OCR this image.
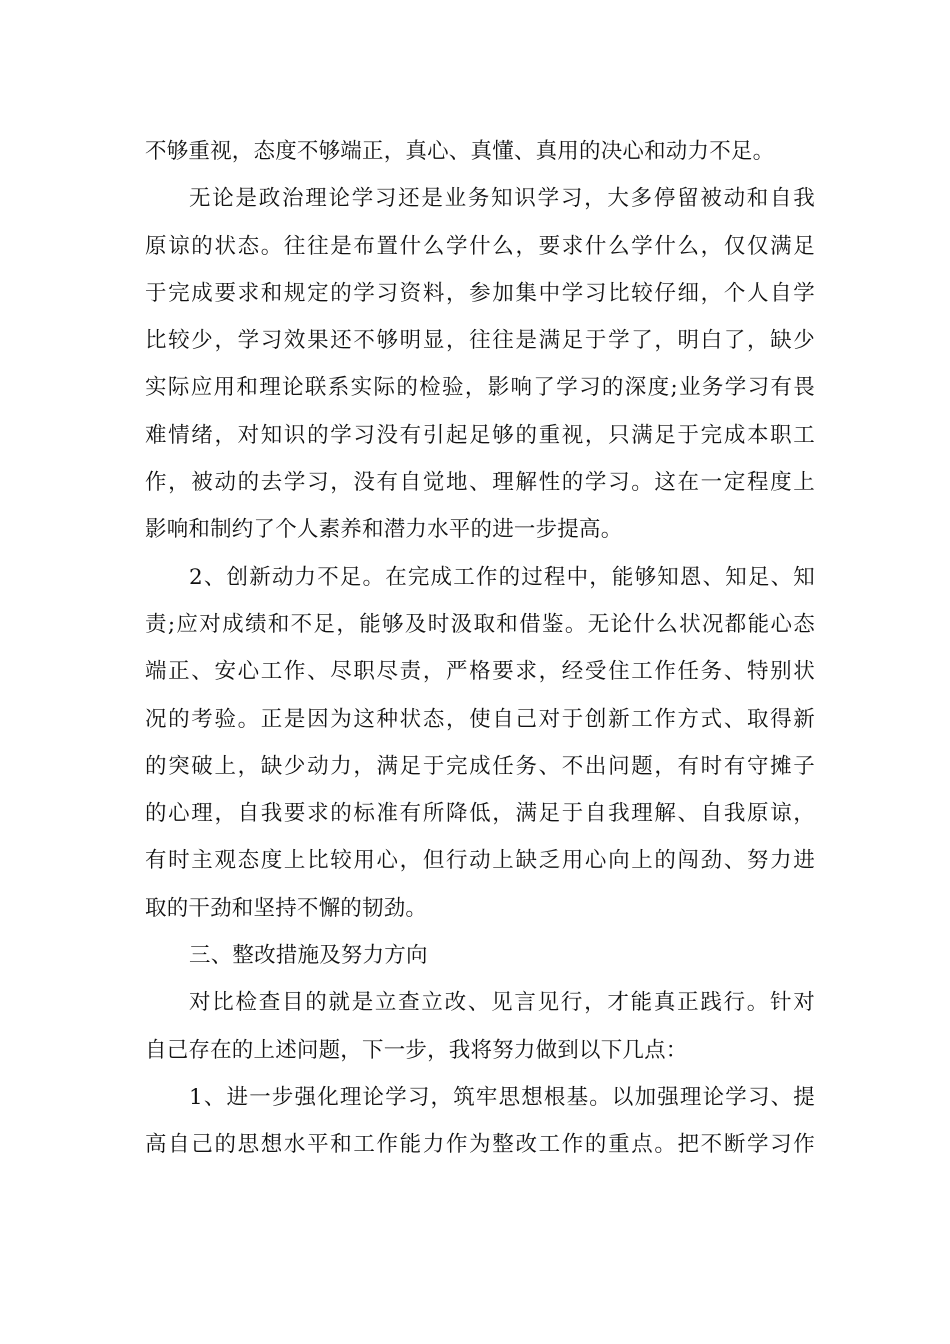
不够重视，态度不够端正，真心、真懂、真用的决心和动力不足。
无论是政治理论学习还是业务知识学习，大多停留被动和自我
原谅的状态。往往是布置什么学什么，要求什么学什么，仅仅满足
于完成要求和规定的学习资料，参加集中学习比较仔细，个人自学
比较少，学习效果还不够明显，往往是满足于学了，明白了，缺少
实际应用和理论联系实际的检验，影响了学习的深度;业务学习有畏
难情绪，对知识的学习没有引起足够的重视，只满足于完成本职工
作，被动的去学习，没有自觉地、理解性的学习。这在一定程度上
影响和制约了个人素养和潜力水平的进一步提高。
2、创新动力不足。在完成工作的过程中，能够知恩、知足、知
责;应对成绩和不足，能够及时汲取和借鉴。无论什么状况都能心态
端正、安心工作、尽职尽责，严格要求，经受住工作任务、特别状
况的考验。正是因为这种状态，使自己对于创新工作方式、取得新
的突破上，缺少动力，满足于完成任务、不出问题，有时有守摊子
的心理，自我要求的标准有所降低，满足于自我理解、自我原谅，
有时主观态度上比较用心，但行动上缺乏用心向上的闯劲、努力进
取的干劲和坚持不懈的韧劲。
三、整改措施及努力方向
对比检查目的就是立查立改、见言见行，才能真正践行。针对
自己存在的上述问题，下一步，我将努力做到以下几点：
1、进一步强化理论学习，筑牢思想根基。以加强理论学习、提
高自己的思想水平和工作能力作为整改工作的重点。把不断学习作
